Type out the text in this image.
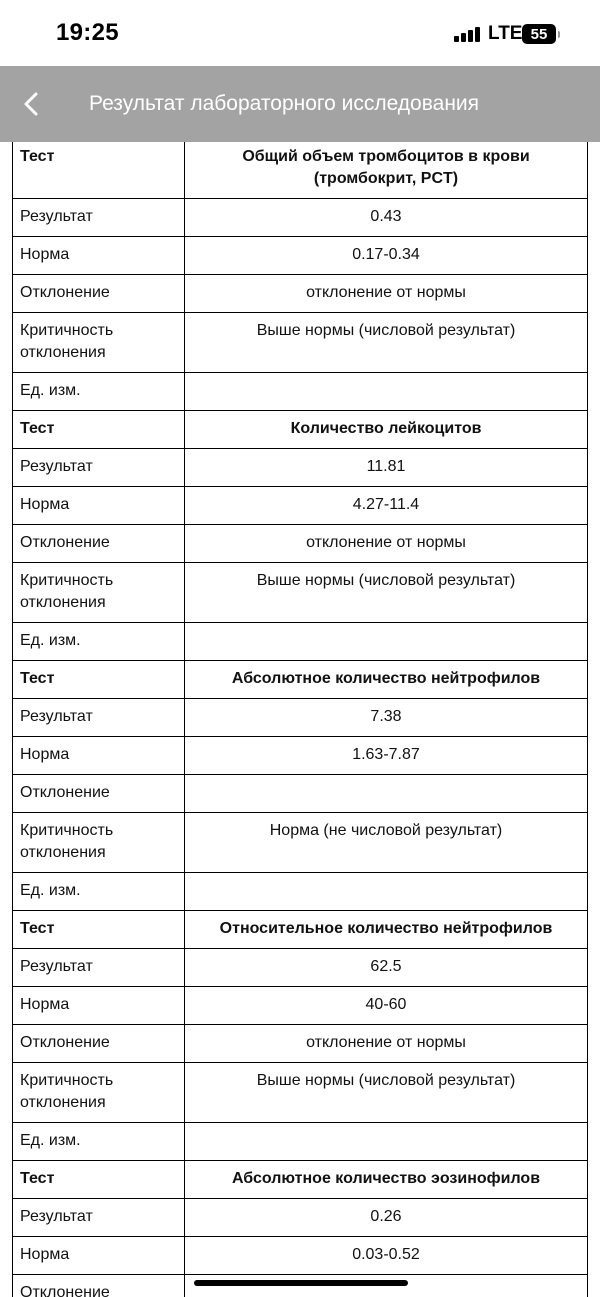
19:25	LTE 55
Результат лабораторного исследования
Тест	Общий объем тромбоцитов в крови (тромбокрит, PCT)
Результат	0.43
Норма	0.17-0.34
Отклонение	отклонение от нормы
Критичность отклонения	Выше нормы (числовой результат)
Ед. изм.	
Тест	Количество лейкоцитов
Результат	11.81
Норма	4.27-11.4
Отклонение	отклонение от нормы
Критичность отклонения	Выше нормы (числовой результат)
Ед. изм.	
Тест	Абсолютное количество нейтрофилов
Результат	7.38
Норма	1.63-7.87
Отклонение	
Критичность отклонения	Норма (не числовой результат)
Ед. изм.	
Тест	Относительное количество нейтрофилов
Результат	62.5
Норма	40-60
Отклонение	отклонение от нормы
Критичность отклонения	Выше нормы (числовой результат)
Ед. изм.	
Тест	Абсолютное количество эозинофилов
Результат	0.26
Норма	0.03-0.52
Отклонение	
